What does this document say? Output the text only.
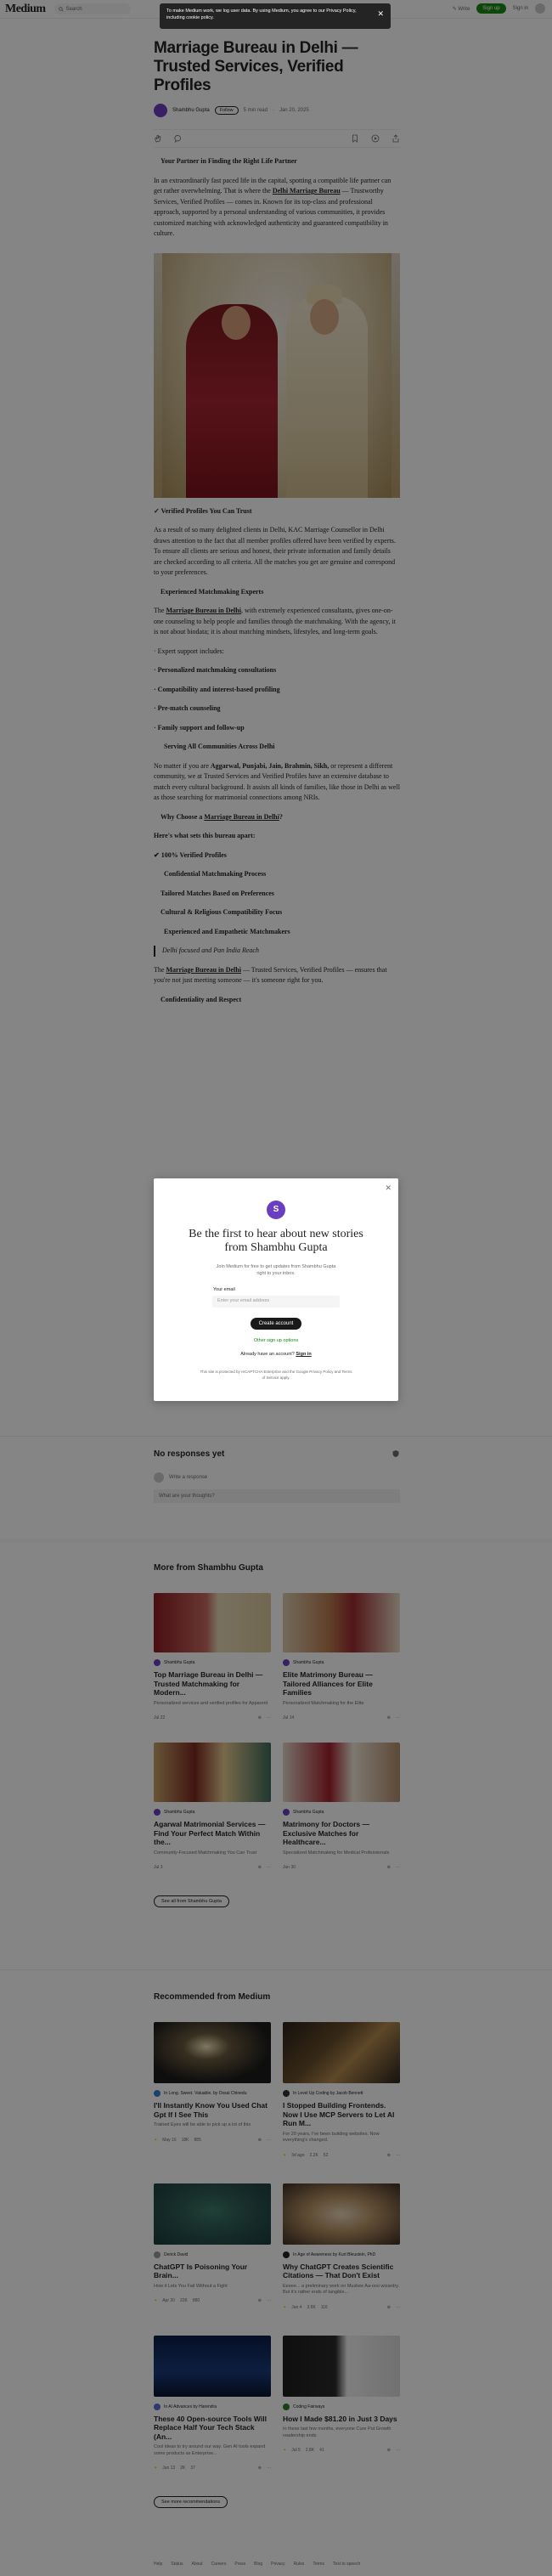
Medium	Search	✎ Write	Sign up	Sign in
Marriage Bureau in Delhi — Trusted Services, Verified Profiles
Shambhu Gupta	Follow	5 min read · Jan 20, 2025

Your Partner in Finding the Right Life Partner

In an extraordinarily fast paced life in the capital, spotting a compatible life partner can get rather overwhelming. That is where the Delhi Marriage Bureau — Trustworthy Services, Verified Profiles — comes in. Known for its top-class and professional approach, supported by a personal understanding of various communities, it provides customized matching with acknowledged authenticity and guaranteed compatibility in culture.

✓ Verified Profiles You Can Trust

As a result of so many delighted clients in Delhi, KAC Marriage Counsellor in Delhi draws attention to the fact that all member profiles offered have been verified by experts. To ensure all clients are serious and honest, their private information and family details are checked according to all criteria. All the matches you get are genuine and correspond to your preferences.

Experienced Matchmaking Experts

The Marriage Bureau in Delhi, with extremely experienced consultants, gives one-on-one counseling to help people and families through the matchmaking. With the agency, it is not about biodata; it is about matching mindsets, lifestyles, and long-term goals.

· Expert support includes:

· Personalized matchmaking consultations

· Compatibility and interest-based profiling

· Pre-match counseling

· Family support and follow-up

Serving All Communities Across Delhi

No matter if you are Aggarwal, Punjabi, Jain, Brahmin, Sikh, or represent a different community, we at Trusted Services and Verified Profiles have an extensive database to match every cultural background. It assists all kinds of families, like those in Delhi as well as those searching for matrimonial connections among NRIs.

Why Choose a Marriage Bureau in Delhi?

Here's what sets this bureau apart:

✔ 100% Verified Profiles

Confidential Matchmaking Process

Tailored Matches Based on Preferences

Cultural & Religious Compatibility Focus

Experienced and Empathetic Matchmakers

Delhi focused and Pan India Reach

The Marriage Bureau in Delhi — Trusted Services, Verified Profiles — ensures that you're not just meeting someone — it's someone right for you.

Confidentiality and Respect

No responses yet
Write a response
What are your thoughts?
More from Shambhu Gupta
Shambhu Gupta
Top Marriage Bureau in Delhi — Trusted Matchmaking for Modern...
Personalized services and verified profiles for Apparent
Jul 22	⊕ ···
Shambhu Gupta
Elite Matrimony Bureau — Tailored Alliances for Elite Families
Personalized Matchmaking for the Elite
Jul 14	⊕ ···
Shambhu Gupta
Agarwal Matrimonial Services — Find Your Perfect Match Within the...
Community-Focused Matchmaking You Can Trust
Jul 3	⊕ ···
Shambhu Gupta
Matrimony for Doctors — Exclusive Matches for Healthcare...
Specialized Matchmaking for Medical Professionals
Jun 30	⊕ ···
See all from Shambhu Gupta
Recommended from Medium
In Long. Sweet. Valuable. by Ossai Chinedu
I'll Instantly Know You Used Chat Gpt If I See This
Trained Eyes will be able to pick up a lot of this
✦ May 16 18K 885	⊕ ···
In Level Up Coding by Jacob Bennett
I Stopped Building Frontends. Now I Use MCP Servers to Let AI Run M...
For 20 years, I've been building websites. Now everything's changed.
✦ 3d ago 2.2K 52	⊕ ···
Derick David
ChatGPT Is Poisoning Your Brain...
How it Lets You Fail Without a Fight
✦ Apr 20 22K 880	⊕ ···
In Age of Awareness by Kurt Bleustein, PhD
Why ChatGPT Creates Scientific Citations — That Don't Exist
Eeeee... a preliminary work on Muskee Aa-ooo wizardry. But it's rather ends of tangible...
✦ Jun 4 3.5K 116	⊕ ···
In AI Advances by Harendra
These 40 Open-source Tools Will Replace Half Your Tech Stack (An...
Cool ideas to try around our way. Gen AI tools expand some products as Enterprise...
✦ Jun 13 2K 37	⊕ ···
Coding Fairways
How I Made $81.20 in Just 3 Days
In these last few months, everyone Cure Put Growth readership ends
✦ Jul 5 2.8K 41	⊕ ···
See more recommendations
Help Status About Careers Press Blog Privacy Rules Terms Text to speech
To make Medium work, we log user data. By using Medium, you agree to our Privacy Policy, including cookie policy.	✕
✕
S
Be the first to hear about new stories from Shambhu Gupta
Join Medium for free to get updates from Shambhu Gupta right to your inbox.
Your email
Enter your email address
Create account
Other sign up options
Already have an account? Sign in
This site is protected by reCAPTCHA Enterprise and the Google Privacy Policy and Terms of Service apply.
